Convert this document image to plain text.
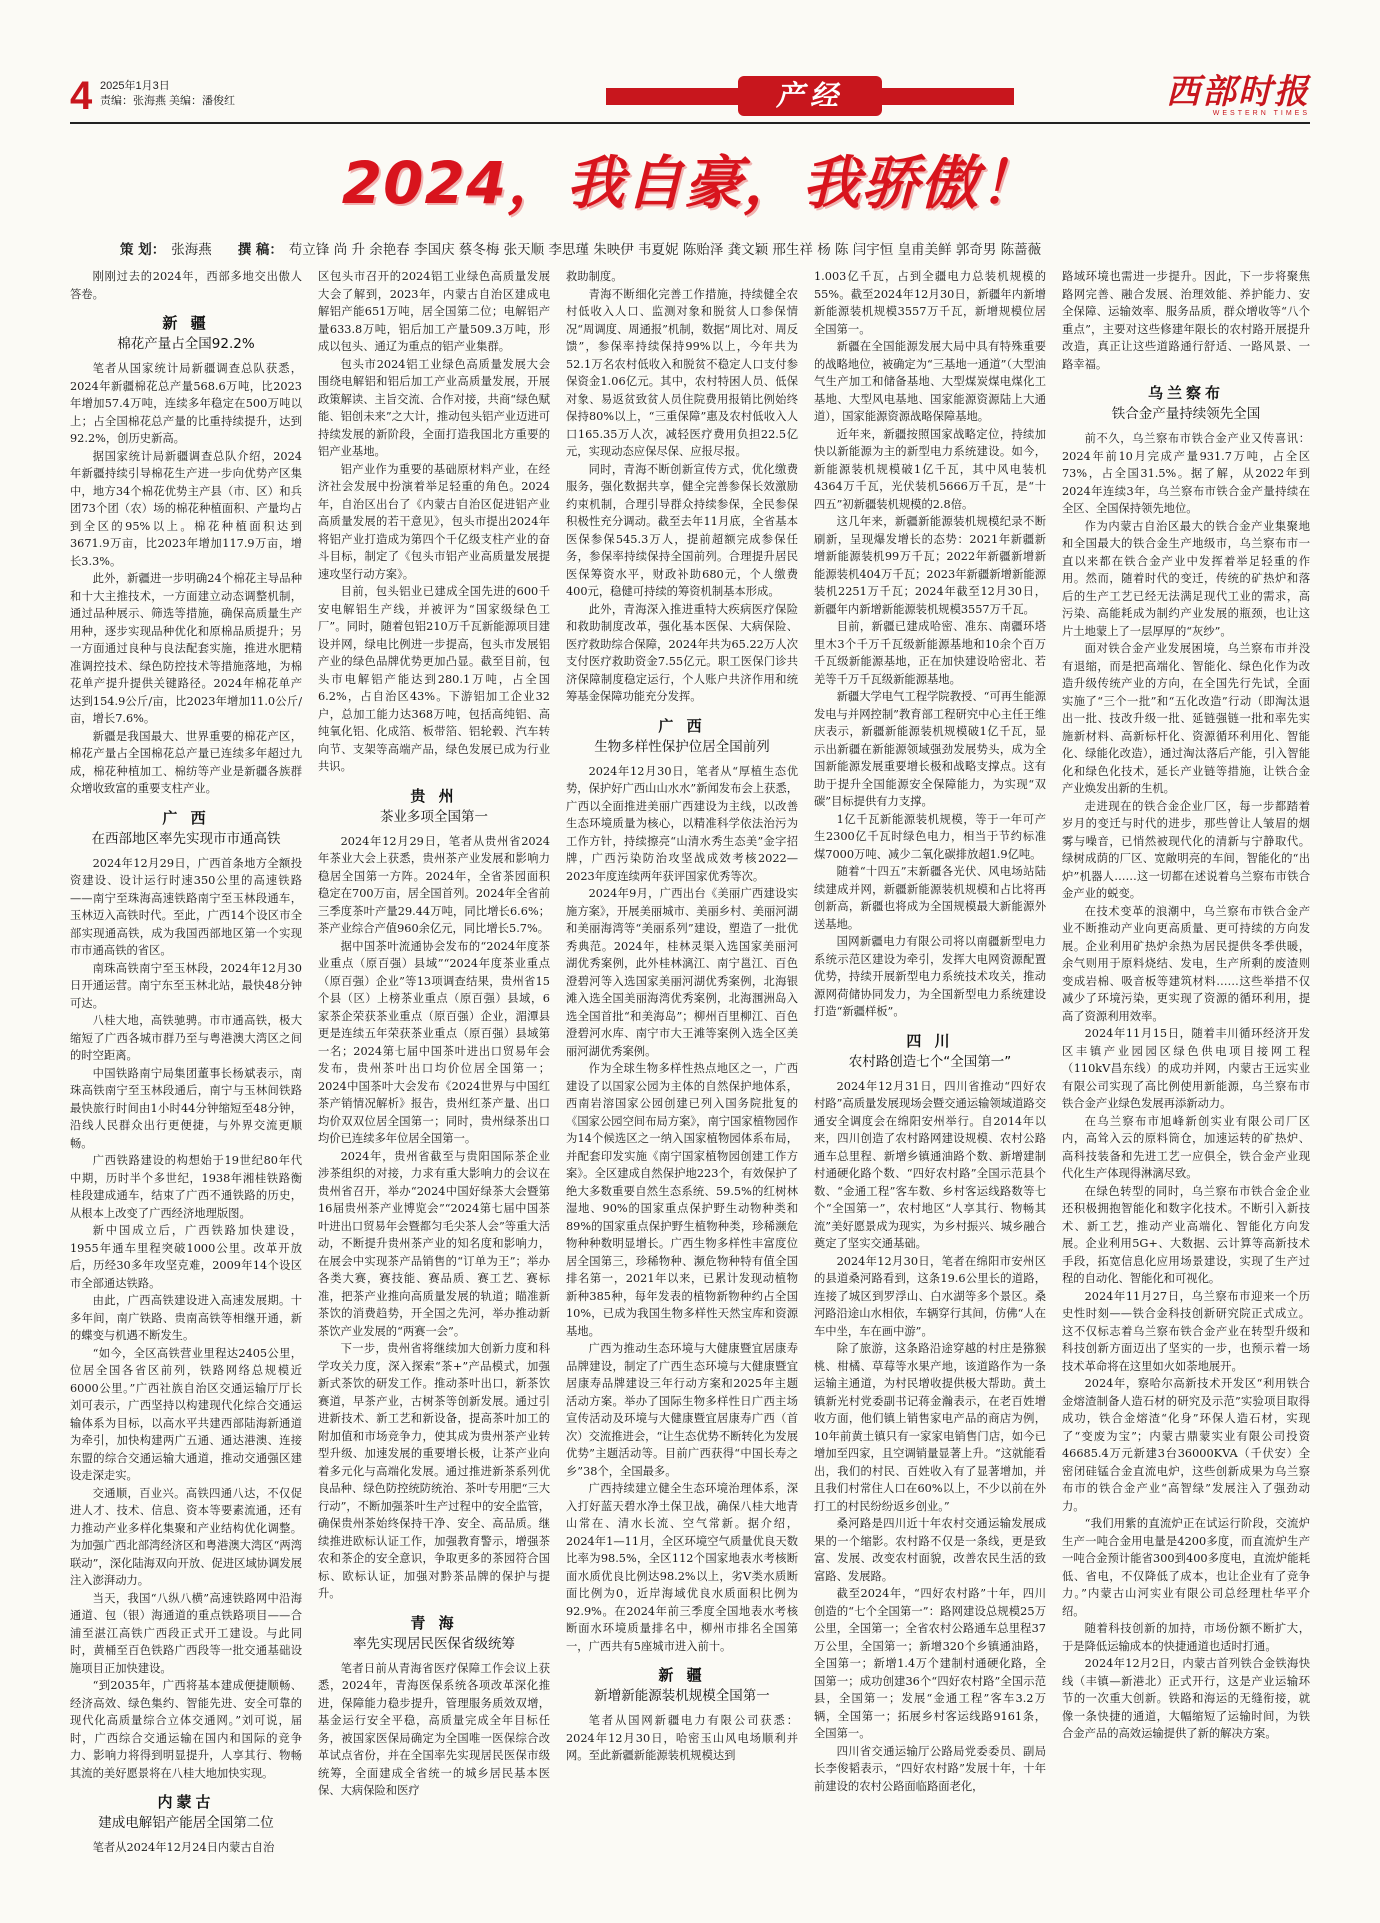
4 2025年1月3日
责编：张海燕 美编：潘俊红	产经	西部时报
WESTERN TIMES
2024，我自豪，我骄傲！
策 划： 张海燕 撰 稿： 苟立锋 尚 升 余艳春 李国庆 蔡冬梅 张天顺 李思瑾 朱映伊 韦夏妮 陈贻泽 龚文颖 邢生祥 杨 陈 闫宇恒 皇甫美鲜 郭奇男 陈蔷薇

刚刚过去的2024年，西部多地交出傲人答卷。

新 疆
棉花产量占全国92.2%

笔者从国家统计局新疆调查总队获悉，2024年新疆棉花总产量568.6万吨，比2023年增加57.4万吨，连续多年稳定在500万吨以上；占全国棉花总产量的比重持续提升，达到92.2%，创历史新高。

据国家统计局新疆调查总队介绍，2024年新疆持续引导棉花生产进一步向优势产区集中，地方34个棉花优势主产县（市、区）和兵团73个团（农）场的棉花种植面积、产量均占到全区的95%以上。棉花种植面积达到3671.9万亩，比2023年增加117.9万亩，增长3.3%。

此外，新疆进一步明确24个棉花主导品种和十大主推技术，一方面建立动态调整机制，通过品种展示、筛选等措施，确保高质量生产用种，逐步实现品种优化和原棉品质提升；另一方面通过良种与良法配套实施，推进水肥精准调控技术、绿色防控技术等措施落地，为棉花单产提升提供关键路径。2024年棉花单产达到154.9公斤/亩，比2023年增加11.0公斤/亩，增长7.6%。

新疆是我国最大、世界重要的棉花产区，棉花产量占全国棉花总产量已连续多年超过九成，棉花种植加工、棉纺等产业是新疆各族群众增收致富的重要支柱产业。

广 西
在西部地区率先实现市市通高铁

2024年12月29日，广西首条地方全额投资建设、设计运行时速350公里的高速铁路——南宁至珠海高速铁路南宁至玉林段通车，玉林迈入高铁时代。至此，广西14个设区市全部实现通高铁，成为我国西部地区第一个实现市市通高铁的省区。

南珠高铁南宁至玉林段，2024年12月30日开通运营。南宁东至玉林北站，最快48分钟可达。

八桂大地，高铁驰骋。市市通高铁，极大缩短了广西各城市群乃至与粤港澳大湾区之间的时空距离。

中国铁路南宁局集团董事长杨斌表示，南珠高铁南宁至玉林段通后，南宁与玉林间铁路最快旅行时间由1小时44分钟缩短至48分钟，沿线人民群众出行更便捷，与外界交流更顺畅。

广西铁路建设的构想始于19世纪80年代中期，历时半个多世纪，1938年湘桂铁路衡桂段建成通车，结束了广西不通铁路的历史，从根本上改变了广西经济地理版图。

新中国成立后，广西铁路加快建设，1955年通车里程突破1000公里。改革开放后，历经30多年攻坚克难，2009年14个设区市全部通达铁路。

由此，广西高铁建设进入高速发展期。十多年间，南广铁路、贵南高铁等相继开通，新的蝶变与机遇不断发生。

“如今，全区高铁营业里程达2405公里，位居全国各省区前列，铁路网络总规模近6000公里。”广西社族自治区交通运输厅厅长刘可表示，广西坚持以构建现代化综合交通运输体系为目标，以高水平共建西部陆海新通道为牵引，加快构建两广五通、通达港澳、连接东盟的综合交通运输大通道，推动交通强区建设走深走实。

交通顺，百业兴。高铁四通八达，不仅促进人才、技术、信息、资本等要素流通，还有力推动产业多样化集聚和产业结构优化调整。为加强广西北部湾经济区和粤港澳大湾区“两湾联动”，深化陆海双向开放、促进区域协调发展注入澎湃动力。

当天，我国“八纵八横”高速铁路网中沿海通道、包（银）海通道的重点铁路项目——合浦至湛江高铁广西段正式开工建设。与此同时，黄桶至百色铁路广西段等一批交通基础设施项目正加快建设。

“到2035年，广西将基本建成便捷顺畅、经济高效、绿色集约、智能先进、安全可靠的现代化高质量综合立体交通网。”刘可说，届时，广西综合交通运输在国内和国际的竞争力、影响力将得到明显提升，人享其行、物畅其流的美好愿景将在八桂大地加快实现。

内蒙古
建成电解铝产能居全国第二位

笔者从2024年12月24日内蒙古自治

区包头市召开的2024铝工业绿色高质量发展大会了解到，2023年，内蒙古自治区建成电解铝产能651万吨，居全国第二位；电解铝产量633.8万吨，铝后加工产量509.3万吨，形成以包头、通辽为重点的铝产业集群。

包头市2024铝工业绿色高质量发展大会围绕电解铝和铝后加工产业高质量发展，开展政策解读、主旨交流、合作对接，共商“绿色赋能、铝创未来”之大计，推动包头铝产业迈进可持续发展的新阶段，全面打造我国北方重要的铝产业基地。

铝产业作为重要的基础原材料产业，在经济社会发展中扮演着举足轻重的角色。2024年，自治区出台了《内蒙古自治区促进铝产业高质量发展的若干意见》，包头市提出2024年将铝产业打造成为第四个千亿级支柱产业的奋斗目标，制定了《包头市铝产业高质量发展提速攻坚行动方案》。

目前，包头铝业已建成全国先进的600千安电解铝生产线，并被评为“国家级绿色工厂”。同时，随着包铝210万千瓦新能源项目建设并网，绿电比例进一步提高，包头市发展铝产业的绿色品牌优势更加凸显。截至目前，包头市电解铝产能达到280.1万吨，占全国6.2%，占自治区43%。下游铝加工企业32户，总加工能力达368万吨，包括高纯铝、高纯氧化铝、化成箔、板带箔、铝轮毂、汽车转向节、支架等高端产品，绿色发展已成为行业共识。

贵 州
茶业多项全国第一

2024年12月29日，笔者从贵州省2024年茶业大会上获悉，贵州茶产业发展和影响力稳居全国第一方阵。2024年，全省茶园面积稳定在700万亩，居全国首列。2024年全省前三季度茶叶产量29.44万吨，同比增长6.6%；茶产业综合产值960余亿元，同比增长5.7%。

据中国茶叶流通协会发布的“2024年度茶业重点（原百强）县域”“2024年度茶业重点（原百强）企业”等13项调查结果，贵州省15个县（区）上榜茶业重点（原百强）县域，6家茶企荣获茶业重点（原百强）企业，湄潭县更是连续五年荣获茶业重点（原百强）县域第一名；2024第七届中国茶叶进出口贸易年会发布，贵州茶叶出口均价位居全国第一；2024中国茶叶大会发布《2024世界与中国红茶产销情况解析》报告，贵州红茶产量、出口均价双双位居全国第一；同时，贵州绿茶出口均价已连续多年位居全国第一。

2024年，贵州省截至与贵阳国际茶企业涉茶组织的对接，力求有重大影响力的会议在贵州省召开，举办“2024中国好绿茶大会暨第16届贵州茶产业博览会”“2024第七届中国茶叶进出口贸易年会暨都匀毛尖茶人会”等重大活动，不断提升贵州茶产业的知名度和影响力，在展会中实现茶产品销售的“订单为王”；举办各类大赛，赛技能、赛品质、赛工艺、赛标准，把茶产业推向高质量发展的轨道；瞄准新茶饮的消费趋势，开全国之先河，举办推动新茶饮产业发展的“两赛一会”。

下一步，贵州省将继续加大创新力度和科学攻关力度，深入探索“茶+”产品模式，加强新式茶饮的研发工作。推动茶叶出口，新茶饮赛道，早茶产业，古树茶等创新发展。通过引进新技术、新工艺和新设备，提高茶叶加工的附加值和市场竞争力，使其成为贵州茶产业转型升级、加速发展的重要增长极，让茶产业向着多元化与高端化发展。通过推进新茶系列优良品种、绿色防控统防统治、茶叶专用肥“三大行动”，不断加强茶叶生产过程中的安全监管，确保贵州茶始终保持干净、安全、高品质。继续推进欧标认证工作，加强教育警示，增强茶农和茶企的安全意识，争取更多的茶园符合国标、欧标认证，加强对黔茶品牌的保护与提升。

青 海
率先实现居民医保省级统筹

笔者日前从青海省医疗保障工作会议上获悉，2024年，青海医保系统各项改革深化推进，保障能力稳步提升，管理服务质效双增，基金运行安全平稳，高质量完成全年目标任务，被国家医保局确定为全国唯一医保综合改革试点省份，并在全国率先实现居民医保市级统筹，全面建成全省统一的城乡居民基本医保、大病保险和医疗

救助制度。

青海不断细化完善工作措施，持续健全农村低收入人口、监测对象和脱贫人口参保情况“周调度、周通报”机制，数据“周比对、周反馈”，参保率持续保持99%以上，今年共为52.1万名农村低收入和脱贫不稳定人口支付参保资金1.06亿元。其中，农村特困人员、低保对象、易返贫致贫人员住院费用报销比例始终保持80%以上，“三重保障”惠及农村低收入人口165.35万人次，减轻医疗费用负担22.5亿元，实现动态应保尽保、应报尽报。

同时，青海不断创新宣传方式，优化缴费服务，强化数据共享，健全完善参保长效激励约束机制，合理引导群众持续参保，全民参保积极性充分调动。截至去年11月底，全省基本医保参保545.3万人，提前超额完成参保任务，参保率持续保持全国前列。合理提升居民医保筹资水平，财政补助680元，个人缴费400元，稳健可持续的筹资机制基本形成。

此外，青海深入推进重特大疾病医疗保险和救助制度改革，强化基本医保、大病保险、医疗救助综合保障，2024年共为65.22万人次支付医疗救助资金7.55亿元。职工医保门诊共济保障制度稳定运行，个人账户共济作用和统筹基金保障功能充分发挥。

广 西
生物多样性保护位居全国前列

2024年12月30日，笔者从“厚植生态优势，保护好广西山山水水”新闻发布会上获悉，广西以全面推进美丽广西建设为主线，以改善生态环境质量为核心，以精准科学依法治污为工作方针，持续擦亮“山清水秀生态美”金字招牌，广西污染防治攻坚战成效考核2022—2023年度连续两年获评国家优秀等次。

2024年9月，广西出台《美丽广西建设实施方案》，开展美丽城市、美丽乡村、美丽河湖和美丽海湾等“美丽系列”建设，塑造了一批优秀典范。2024年，桂林灵渠入选国家美丽河湖优秀案例，此外桂林漓江、南宁邕江、百色澄碧河等入选国家美丽河湖优秀案例，北海银滩入选全国美丽海湾优秀案例，北海涠洲岛入选全国首批“和美海岛”；柳州百里柳江、百色澄碧河水库、南宁市大王滩等案例入选全区美丽河湖优秀案例。

作为全球生物多样性热点地区之一，广西建设了以国家公园为主体的自然保护地体系，西南岩溶国家公园创建已列入国务院批复的《国家公园空间布局方案》，南宁国家植物园作为14个候选区之一纳入国家植物园体系布局，并配套印发实施《南宁国家植物园创建工作方案》。全区建成自然保护地223个，有效保护了绝大多数重要自然生态系统、59.5%的红树林湿地、90%的国家重点保护野生动物种类和89%的国家重点保护野生植物种类，珍稀濒危物种种数明显增长。广西生物多样性丰富度位居全国第三，珍稀物种、濒危物种特有值全国排名第一，2021年以来，已累计发现动植物新种385种，每年发表的植物新物种约占全国10%，已成为我国生物多样性天然宝库和资源基地。

广西为推动生态环境与大健康暨宜居康寿品牌建设，制定了广西生态环境与大健康暨宜居康寿品牌建设三年行动方案和2025年主题活动方案。举办了国际生物多样性日广西主场宣传活动及环境与大健康暨宜居康寿广西（首次）交流推进会，“让生态优势不断转化为发展优势”主题活动等。目前广西获得“中国长寿之乡”38个，全国最多。

广西持续建立健全生态环境治理体系，深入打好蓝天碧水净土保卫战，确保八桂大地青山常在、清水长流、空气常新。据介绍，2024年1—11月，全区环境空气质量优良天数比率为98.5%，全区112个国家地表水考核断面水质优良比例达98.2%以上，劣V类水质断面比例为0，近岸海域优良水质面积比例为92.9%。在2024年前三季度全国地表水考核断面水环境质量排名中，柳州市排名全国第一，广西共有5座城市进入前十。

新 疆
新增新能源装机规模全国第一

笔者从国网新疆电力有限公司获悉：2024年12月30日，哈密玉山风电场顺利并网。至此新疆新能源装机规模达到

1.003亿千瓦，占到全疆电力总装机规模的55%。截至2024年12月30日，新疆年内新增新能源装机规模3557万千瓦，新增规模位居全国第一。

新疆在全国能源发展大局中具有特殊重要的战略地位，被确定为“三基地一通道”（大型油气生产加工和储备基地、大型煤炭煤电煤化工基地、大型风电基地、国家能源资源陆上大通道），国家能源资源战略保障基地。

近年来，新疆按照国家战略定位，持续加快以新能源为主的新型电力系统建设。如今，新能源装机规模破1亿千瓦，其中风电装机4364万千瓦，光伏装机5666万千瓦，是“十四五”初新疆装机规模的2.8倍。

这几年来，新疆新能源装机规模纪录不断刷新，呈现爆发增长的态势：2021年新疆新增新能源装机99万千瓦；2022年新疆新增新能源装机404万千瓦；2023年新疆新增新能源装机2251万千瓦；2024年截至12月30日，新疆年内新增新能源装机规模3557万千瓦。

目前，新疆已建成哈密、准东、南疆环塔里木3个千万千瓦级新能源基地和10余个百万千瓦级新能源基地，正在加快建设哈密北、若羌等千万千瓦级新能源基地。

新疆大学电气工程学院教授、“可再生能源发电与并网控制”教育部工程研究中心主任王维庆表示，新疆新能源装机规模破1亿千瓦，显示出新疆在新能源领域强劲发展势头，成为全国新能源发展重要增长极和战略支撑点。这有助于提升全国能源安全保障能力，为实现“双碳”目标提供有力支撑。

1亿千瓦新能源装机规模，等于一年可产生2300亿千瓦时绿色电力，相当于节约标准煤7000万吨、减少二氧化碳排放超1.9亿吨。

随着“十四五”末新疆各光伏、风电场站陆续建成并网，新疆新能源装机规模和占比将再创新高，新疆也将成为全国规模最大新能源外送基地。

国网新疆电力有限公司将以南疆新型电力系统示范区建设为牵引，发挥大电网资源配置优势，持续开展新型电力系统技术攻关，推动源网荷储协同发力，为全国新型电力系统建设打造“新疆样板”。

四 川
农村路创造七个“全国第一”

2024年12月31日，四川省推动“四好农村路”高质量发展现场会暨交通运输领域道路交通安全调度会在绵阳安州举行。自2014年以来，四川创造了农村路网建设规模、农村公路通车总里程、新增乡镇通油路个数、新增建制村通硬化路个数、“四好农村路”全国示范县个数、“金通工程”客车数、乡村客运线路数等七个“全国第一”，农村地区“人享其行、物畅其流”美好愿景成为现实，为乡村振兴、城乡融合奠定了坚实交通基础。

2024年12月30日，笔者在绵阳市安州区的县道桑河路看到，这条19.6公里长的道路，连接了城区到罗浮山、白水湖等多个景区。桑河路沿途山水相依，车辆穿行其间，仿佛“人在车中坐，车在画中游”。

除了旅游，这条路沿途穿越的村庄是猕猴桃、柑橘、草莓等水果产地，该道路作为一条运输主通道，为村民增收提供极大帮助。黄土镇新光村党委副书记蒋金瀚表示，在老百姓增收方面，他们镇上销售家电产品的商店为例，10年前黄土镇只有一家家电销售门店，如今已增加至四家，且空调销量显著上升。“这就能看出，我们的村民、百姓收入有了显著增加，并且我们村常住人口在60%以上，不少以前在外打工的村民纷纷返乡创业。”

桑河路是四川近十年农村交通运输发展成果的一个缩影。农村路不仅是一条线，更是致富、发展、改变农村面貌，改善农民生活的致富路、发展路。

截至2024年，“四好农村路”十年，四川创造的“七个全国第一”：路网建设总规模25万公里，全国第一；全省农村公路通车总里程37万公里，全国第一；新增320个乡镇通油路，全国第一；新增1.4万个建制村通硬化路，全国第一；成功创建36个“四好农村路”全国示范县，全国第一；发展“金通工程”客车3.2万辆，全国第一；拓展乡村客运线路9161条，全国第一。

四川省交通运输厅公路局党委委员、副局长李俊韬表示，“四好农村路”发展十年，十年前建设的农村公路面临路面老化，

路域环境也需进一步提升。因此，下一步将聚焦路网完善、融合发展、治理效能、养护能力、安全保障、运输效率、服务品质，群众增收等“八个重点”，主要对这些修建年限长的农村路开展提升改造，真正让这些道路通行舒适、一路风景、一路幸福。

乌兰察布
铁合金产量持续领先全国

前不久，乌兰察布市铁合金产业又传喜讯：2024年前10月完成产量931.7万吨，占全区73%，占全国31.5%。据了解，从2022年到2024年连续3年，乌兰察布市铁合金产量持续在全区、全国保持领先地位。

作为内蒙古自治区最大的铁合金产业集聚地和全国最大的铁合金生产地级市，乌兰察布市一直以来都在铁合金产业中发挥着举足轻重的作用。然而，随着时代的变迁，传统的矿热炉和落后的生产工艺已经无法满足现代工业的需求，高污染、高能耗成为制约产业发展的瓶颈，也让这片土地蒙上了一层厚厚的“灰纱”。

面对铁合金产业发展困境，乌兰察布市并没有退缩，而是把高端化、智能化、绿色化作为改造升级传统产业的方向，在全国先行先试，全面实施了“三个一批”和“五化改造”行动（即淘汰退出一批、技改升级一批、延链强链一批和率先实施新材料、高新标杆化、资源循环利用化、智能化、绿能化改造），通过淘汰落后产能，引入智能化和绿色化技术，延长产业链等措施，让铁合金产业焕发出新的生机。

走进现在的铁合金企业厂区，每一步都踏着岁月的变迁与时代的进步，那些曾让人皱眉的烟雾与噪音，已悄然被现代化的清新与宁静取代。绿树成荫的厂区、宽敞明亮的车间，智能化的“出炉”机器人……这一切都在述说着乌兰察布市铁合金产业的蜕变。

在技术变革的浪潮中，乌兰察布市铁合金产业不断推动产业向更高质量、更可持续的方向发展。企业利用矿热炉余热为居民提供冬季供暖，余气则用于原料烧结、发电，生产所剩的废渣则变成岩棉、吸音板等建筑材料……这些举措不仅减少了环境污染，更实现了资源的循环利用，提高了资源利用效率。

2024年11月15日，随着丰川循环经济开发区丰镇产业园园区绿色供电项目接网工程（110kV昌东线）的成功并网，内蒙古王远实业有限公司实现了高比例使用新能源，乌兰察布市铁合金产业绿色发展再添新动力。

在乌兰察布市旭峰新创实业有限公司厂区内，高耸入云的原料筒仓，加速运转的矿热炉、高科技装备和先进工艺一应俱全，铁合金产业现代化生产体现得淋漓尽致。

在绿色转型的同时，乌兰察布市铁合金企业还积极拥抱智能化和数字化技术。不断引入新技术、新工艺，推动产业高端化、智能化方向发展。企业利用5G+、大数据、云计算等高新技术手段，拓宽信息化应用场景建设，实现了生产过程的自动化、智能化和可视化。

2024年11月27日，乌兰察布市迎来一个历史性时刻——铁合金科技创新研究院正式成立。这不仅标志着乌兰察布铁合金产业在转型升级和科技创新方面迈出了坚实的一步，也预示着一场技术革命将在这里如火如荼地展开。

2024年，察哈尔高新技术开发区“利用铁合金熔渣制备人造石材的研究及示范”实验项目取得成功，铁合金熔渣“化身”环保人造石材，实现了“变废为宝”；内蒙古鼎蒙实业有限公司投资46685.4万元新建3台36000KVA（千伏安）全密闭硅锰合金直流电炉，这些创新成果为乌兰察布市的铁合金产业“高智绿”发展注入了强劲动力。

“我们用紫的直流炉正在试运行阶段，交流炉生产一吨合金用电量是4200多度，而直流炉生产一吨合金预计能省300到400多度电，直流炉能耗低、省电，不仅降低了成本，也让企业有了竞争力。”内蒙古山河实业有限公司总经理杜华平介绍。

随着科技创新的加持，市场份额不断扩大，于是降低运输成本的快捷通道也适时打通。

2024年12月2日，内蒙古首列铁合金铁海快线（丰镇—新港北）正式开行，这是产业运输环节的一次重大创新。铁路和海运的无缝衔接，就像一条快捷的通道，大幅缩短了运输时间，为铁合金产品的高效运输提供了新的解决方案。
